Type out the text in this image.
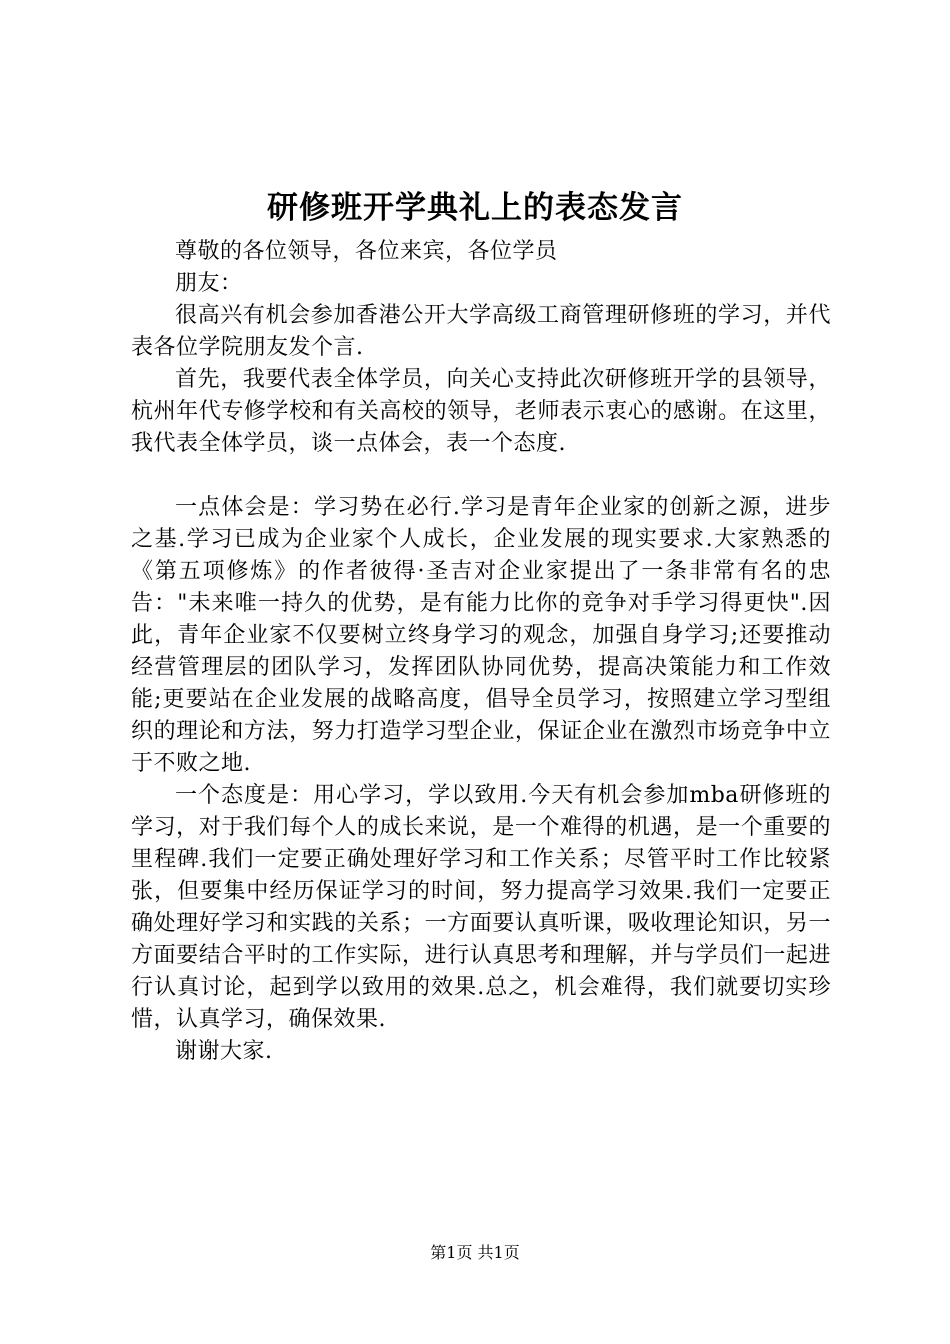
研修班开学典礼上的表态发言

尊敬的各位领导，各位来宾，各位学员

朋友：

很高兴有机会参加香港公开大学高级工商管理研修班的学习，并代表各位学院朋友发个言.

首先，我要代表全体学员，向关心支持此次研修班开学的县领导，杭州年代专修学校和有关高校的领导，老师表示衷心的感谢。在这里，我代表全体学员，谈一点体会，表一个态度.

一点体会是：学习势在必行.学习是青年企业家的创新之源，进步之基.学习已成为企业家个人成长，企业发展的现实要求.大家熟悉的《第五项修炼》的作者彼得·圣吉对企业家提出了一条非常有名的忠告："未来唯一持久的优势，是有能力比你的竞争对手学习得更快".因此，青年企业家不仅要树立终身学习的观念，加强自身学习;还要推动经营管理层的团队学习，发挥团队协同优势，提高决策能力和工作效能;更要站在企业发展的战略高度，倡导全员学习，按照建立学习型组织的理论和方法，努力打造学习型企业，保证企业在激烈市场竞争中立于不败之地.

一个态度是：用心学习，学以致用.今天有机会参加mba研修班的学习，对于我们每个人的成长来说，是一个难得的机遇，是一个重要的里程碑.我们一定要正确处理好学习和工作关系；尽管平时工作比较紧张，但要集中经历保证学习的时间，努力提高学习效果.我们一定要正确处理好学习和实践的关系；一方面要认真听课，吸收理论知识，另一方面要结合平时的工作实际，进行认真思考和理解，并与学员们一起进行认真讨论，起到学以致用的效果.总之，机会难得，我们就要切实珍惜，认真学习，确保效果.

谢谢大家.

第1页 共1页
